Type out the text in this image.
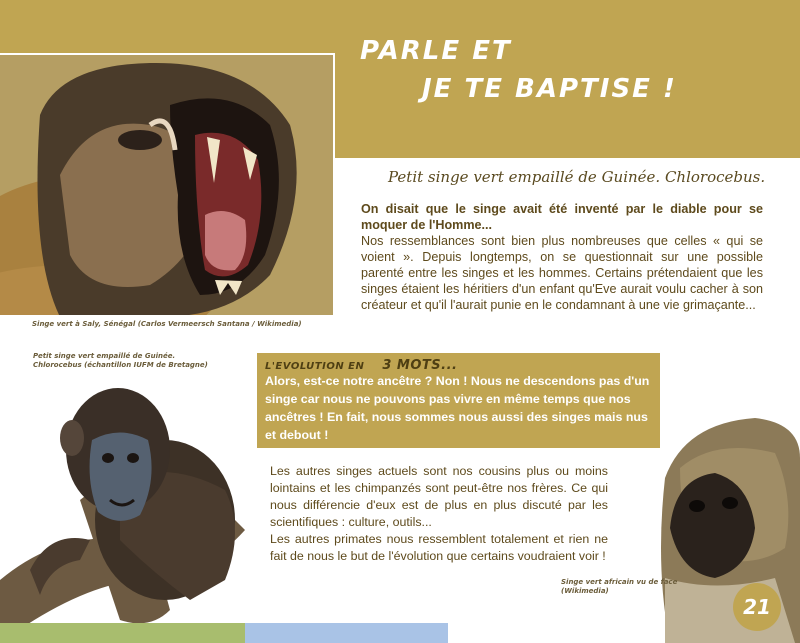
Singe vert à Saly, Sénégal (Carlos Vermeersch Santana / Wikimedia)
PARLE ET
JE TE BAPTISE !
Petit singe vert empaillé de Guinée. Chlorocebus.
On disait que le singe avait été inventé par le diable pour se moquer de l'Homme...
Nos ressemblances sont bien plus nombreuses que celles « qui se voient ». Depuis longtemps, on se questionnait sur une possible parenté entre les singes et les hommes. Certains prétendaient que les singes étaient les héritiers d'un enfant qu'Eve aurait voulu cacher à son créateur et qu'il l'aurait punie en le condamnant à une vie grimaçante...
Petit singe vert empaillé de Guinée.
Chlorocebus (échantillon IUFM de Bretagne)	L'EVOLUTION EN 3 MOTS...
Alors, est-ce notre ancêtre ? Non ! Nous ne descendons pas d'un singe car nous ne pouvons pas vivre en même temps que nos ancêtres ! En fait, nous sommes nous aussi des singes mais nus et debout !
Les autres singes actuels sont nos cousins plus ou moins lointains et les chimpanzés sont peut-être nos frères. Ce qui nous différencie d'eux est de plus en plus discuté par les scientifiques : culture, outils...
Les autres primates nous ressemblent totalement et rien ne fait de nous le but de l'évolution que certains voudraient voir !
Singe vert africain vu de face
(Wikimedia)
21
